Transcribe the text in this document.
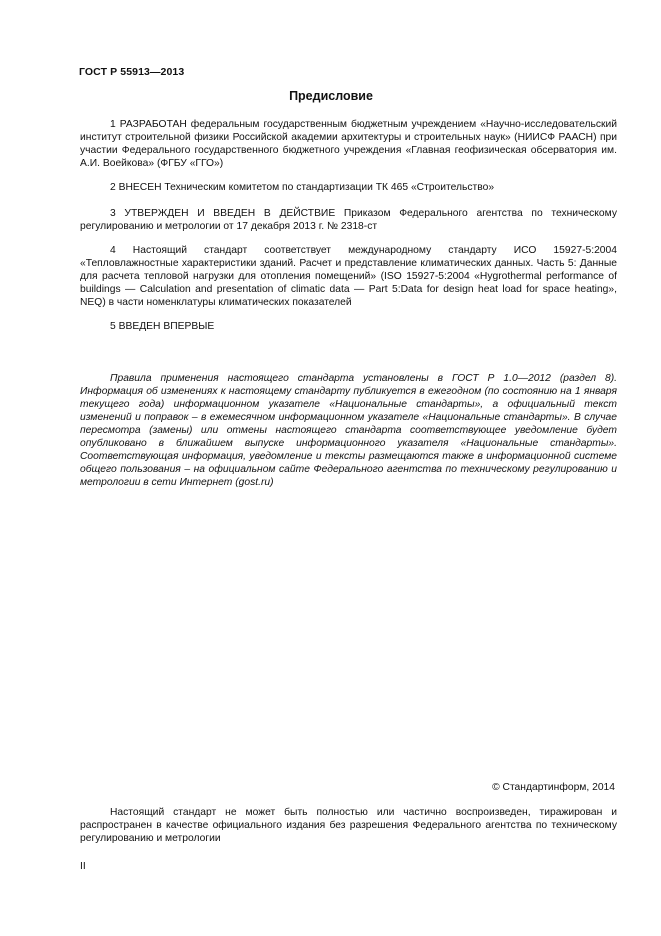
ГОСТ Р 55913—2013
Предисловие

1 РАЗРАБОТАН федеральным государственным бюджетным учреждением «Научно-исследовательский институт строительной физики Российской академии архитектуры и строительных наук» (НИИСФ РААСН) при участии Федерального государственного бюджетного учреждения «Главная геофизическая обсерватория им. А.И. Воейкова» (ФГБУ «ГГО»)

2 ВНЕСЕН Техническим комитетом по стандартизации ТК 465 «Строительство»

3 УТВЕРЖДЕН И ВВЕДЕН В ДЕЙСТВИЕ Приказом Федерального агентства по техническому регулированию и метрологии от 17 декабря 2013 г. № 2318-ст

4 Настоящий стандарт соответствует международному стандарту ИСО 15927-5:2004 «Тепловлажностные характеристики зданий. Расчет и представление климатических данных. Часть 5: Данные для расчета тепловой нагрузки для отопления помещений» (ISO 15927-5:2004 «Hygrothermal performance of buildings — Calculation and presentation of climatic data — Part 5:Data for design heat load for space heating», NEQ) в части номенклатуры климатических показателей

5 ВВЕДЕН ВПЕРВЫЕ

Правила применения настоящего стандарта установлены в ГОСТ Р 1.0—2012 (раздел 8). Информация об изменениях к настоящему стандарту публикуется в ежегодном (по состоянию на 1 января текущего года) информационном указателе «Национальные стандарты», а официальный текст изменений и поправок – в ежемесячном информационном указателе «Национальные стандарты». В случае пересмотра (замены) или отмены настоящего стандарта соответствующее уведомление будет опубликовано в ближайшем выпуске информационного указателя «Национальные стандарты». Соответствующая информация, уведомление и тексты размещаются также в информационной системе общего пользования – на официальном сайте Федерального агентства по техническому регулированию и метрологии в сети Интернет (gost.ru)

© Стандартинформ, 2014

Настоящий стандарт не может быть полностью или частично воспроизведен, тиражирован и распространен в качестве официального издания без разрешения Федерального агентства по техническому регулированию и метрологии

II
